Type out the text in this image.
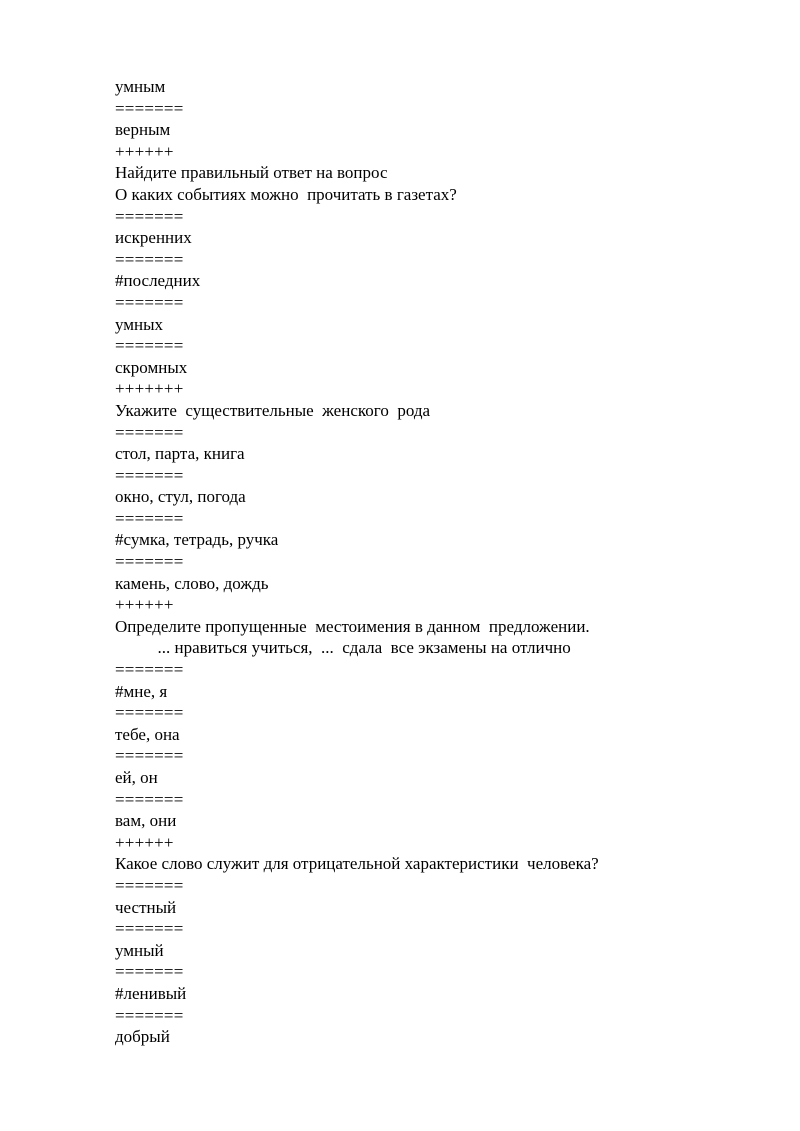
умным
=======
верным
++++++
Найдите правильный ответ на вопрос
О каких событиях можно  прочитать в газетах?
=======
искренних
=======
#последних
=======
умных
=======
скромных
+++++++
Укажите  существительные  женского  рода
=======
стол, парта, книга
=======
окно, стул, погода
=======
#сумка, тетрадь, ручка
=======
камень, слово, дождь
++++++
Определите пропущенные  местоимения в данном  предложении.
... нравиться учиться,  ...  сдала  все экзамены на отлично
=======
#мне, я
=======
тебе, она
=======
ей, он
=======
вам, они
++++++
Какое слово служит для отрицательной характеристики  человека?
=======
честный
=======
умный
=======
#ленивый
=======
добрый
